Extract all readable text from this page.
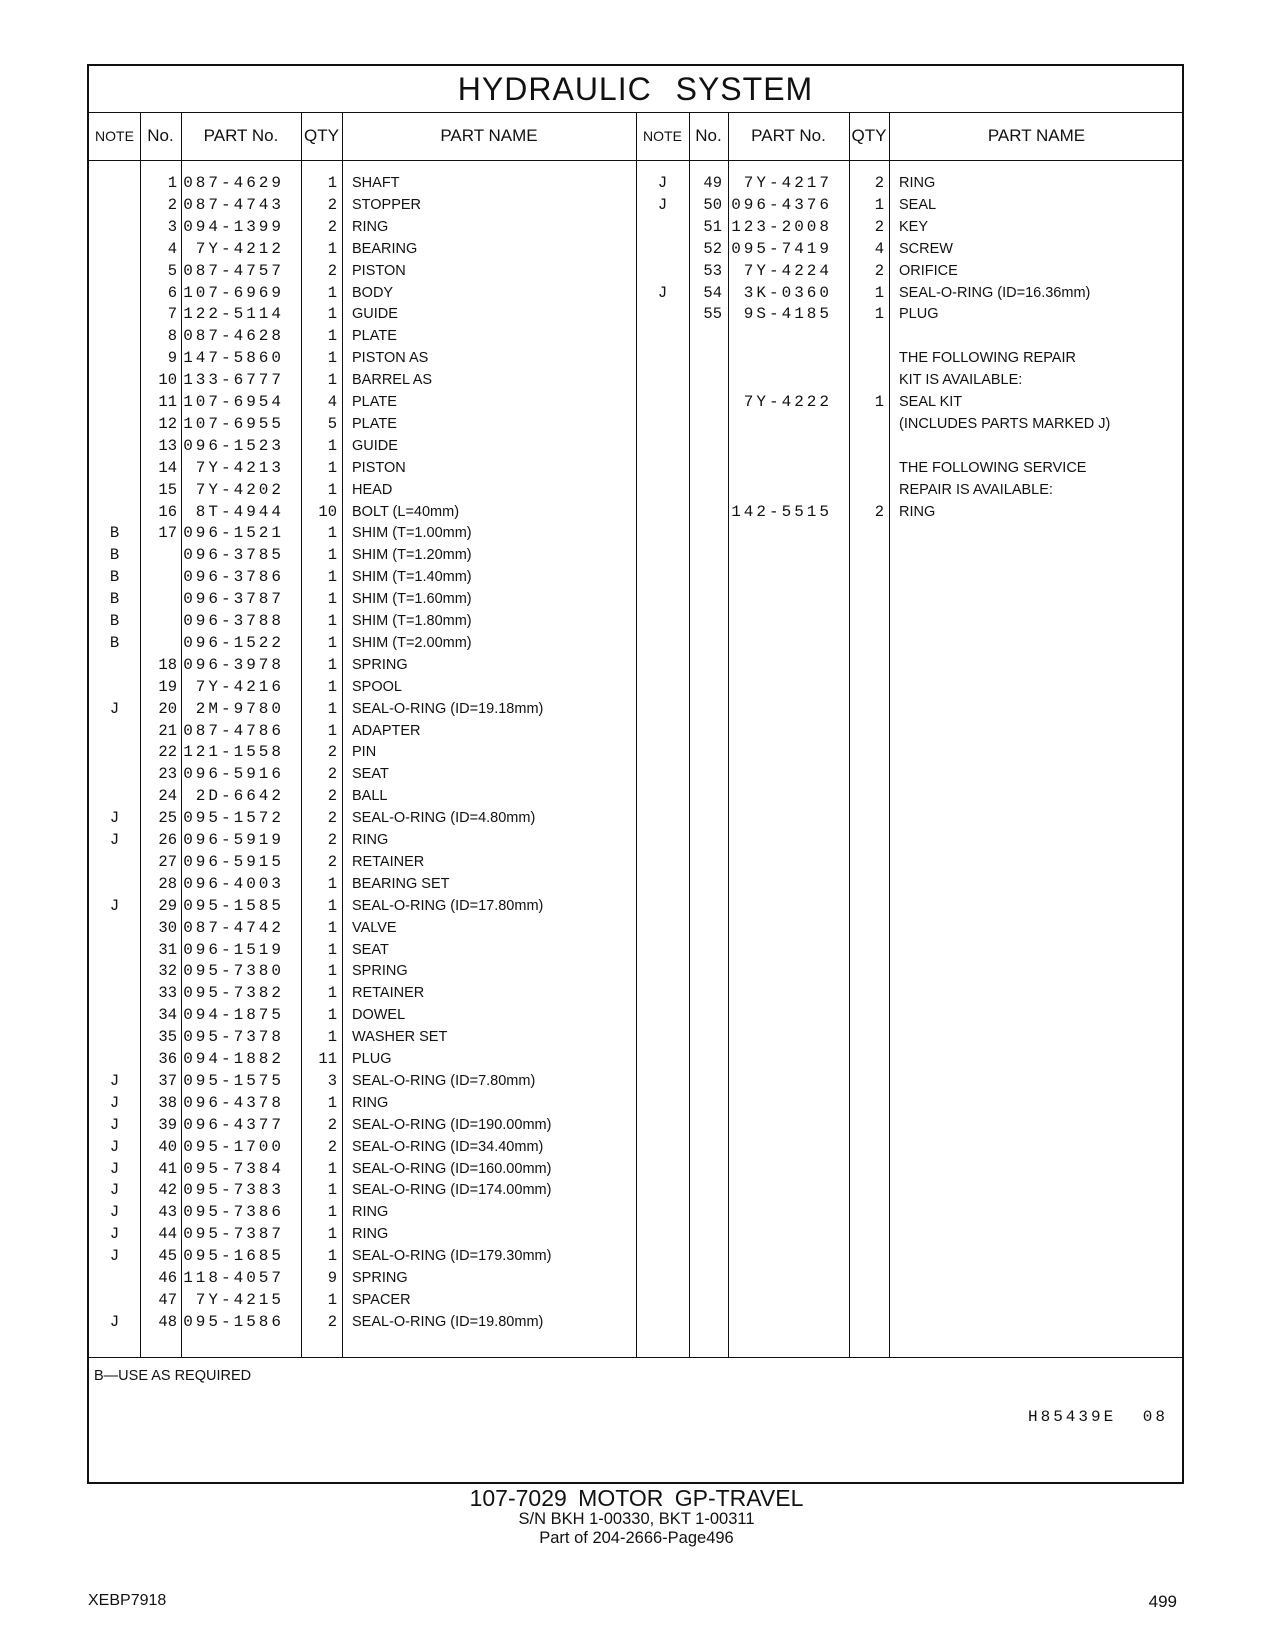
HYDRAULIC SYSTEM
NOTE No.	PART No.	QTY	PART NAME	NOTE No.	PART No.	QTY	PART NAME
1 087-4629	1 SHAFT
2 087-4743	2 STOPPER
3 094-1399	2 RING
4	7Y-4212	1 BEARING
5 087-4757	2 PISTON
6 107-6969	1 BODY
7 122-5114	1 GUIDE
8 087-4628	1 PLATE
9 147-5860	1 PISTON AS
10 133-6777	1 BARREL AS
11 107-6954	4 PLATE
12 107-6955	5 PLATE
13 096-1523	1 GUIDE
14	7Y-4213	1 PISTON
15	7Y-4202	1 HEAD
16	8T-4944	10 BOLT (L=40mm)
B	17 096-1521	1 SHIM (T=1.00mm)
B	096-3785	1 SHIM (T=1.20mm)
B	096-3786	1 SHIM (T=1.40mm)
B	096-3787	1 SHIM (T=1.60mm)
B	096-3788	1 SHIM (T=1.80mm)
B	096-1522	1 SHIM (T=2.00mm)
18 096-3978	1 SPRING
19	7Y-4216	1 SPOOL
J	20	2M-9780	1 SEAL-O-RING (ID=19.18mm)
21 087-4786	1 ADAPTER
22 121-1558	2 PIN
23 096-5916	2 SEAT
24	2D-6642	2 BALL
J	25 095-1572	2 SEAL-O-RING (ID=4.80mm)
J	26 096-5919	2 RING
27 096-5915	2 RETAINER
28 096-4003	1 BEARING SET
J	29 095-1585	1 SEAL-O-RING (ID=17.80mm)
30 087-4742	1 VALVE
31 096-1519	1 SEAT
32 095-7380	1 SPRING
33 095-7382	1 RETAINER
34 094-1875	1 DOWEL
35 095-7378	1 WASHER SET
36 094-1882	11 PLUG
J	37 095-1575	3 SEAL-O-RING (ID=7.80mm)
J	38 096-4378	1 RING
J	39 096-4377	2 SEAL-O-RING (ID=190.00mm)
J	40 095-1700	2 SEAL-O-RING (ID=34.40mm)
J	41 095-7384	1 SEAL-O-RING (ID=160.00mm)
J	42 095-7383	1 SEAL-O-RING (ID=174.00mm)
J	43 095-7386	1 RING
J	44 095-7387	1 RING
J	45 095-1685	1 SEAL-O-RING (ID=179.30mm)
46 118-4057	9 SPRING
47	7Y-4215	1 SPACER
J	48 095-1586	2 SEAL-O-RING (ID=19.80mm)
J	49	7Y-4217	2 RING
J	50 096-4376	1 SEAL
51 123-2008	2 KEY
52 095-7419	4 SCREW
53	7Y-4224	2 ORIFICE
J	54	3K-0360	1 SEAL-O-RING (ID=16.36mm)
55	9S-4185	1 PLUG
THE FOLLOWING REPAIR
KIT IS AVAILABLE:
7Y-4222	1 SEAL KIT
(INCLUDES PARTS MARKED J)
THE FOLLOWING SERVICE
REPAIR IS AVAILABLE:
142-5515	2 RING
B—USE AS REQUIRED
H85439E 08
107-7029 MOTOR GP-TRAVEL
S/N BKH 1-00330, BKT 1-00311
Part of 204-2666-Page496
XEBP7918	499
